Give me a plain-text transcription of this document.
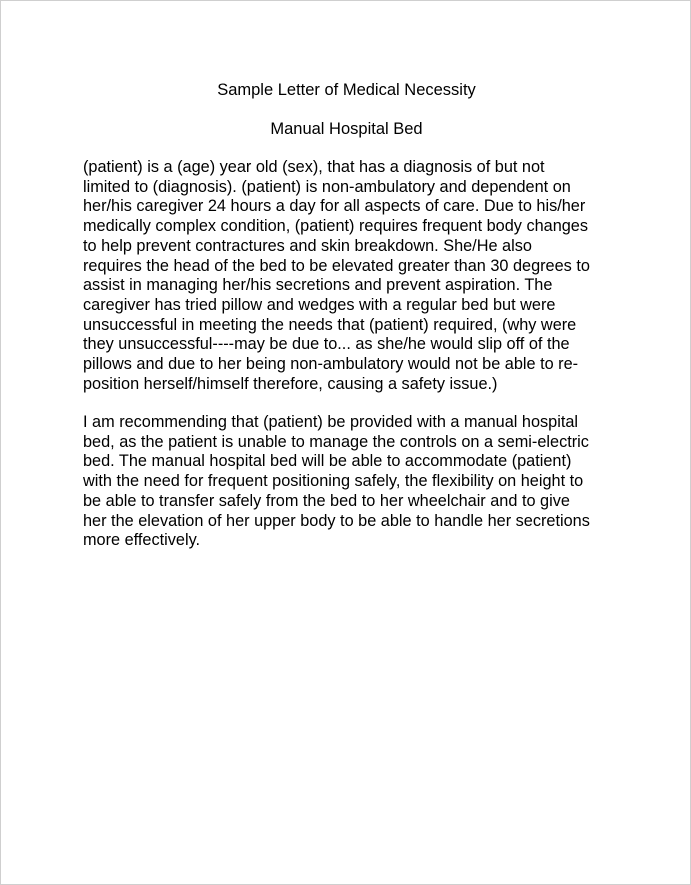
Sample Letter of Medical Necessity
Manual Hospital Bed

(patient) is a (age) year old (sex), that has a diagnosis of but not
limited to (diagnosis). (patient) is non-ambulatory and dependent on
her/his caregiver 24 hours a day for all aspects of care. Due to his/her
medically complex condition, (patient) requires frequent body changes
to help prevent contractures and skin breakdown. She/He also
requires the head of the bed to be elevated greater than 30 degrees to
assist in managing her/his secretions and prevent aspiration. The
caregiver has tried pillow and wedges with a regular bed but were
unsuccessful in meeting the needs that (patient) required, (why were
they unsuccessful----may be due to... as she/he would slip off of the
pillows and due to her being non-ambulatory would not be able to re-
position herself/himself therefore, causing a safety issue.)

I am recommending that (patient) be provided with a manual hospital
bed, as the patient is unable to manage the controls on a semi-electric
bed. The manual hospital bed will be able to accommodate (patient)
with the need for frequent positioning safely, the flexibility on height to
be able to transfer safely from the bed to her wheelchair and to give
her the elevation of her upper body to be able to handle her secretions
more effectively.
